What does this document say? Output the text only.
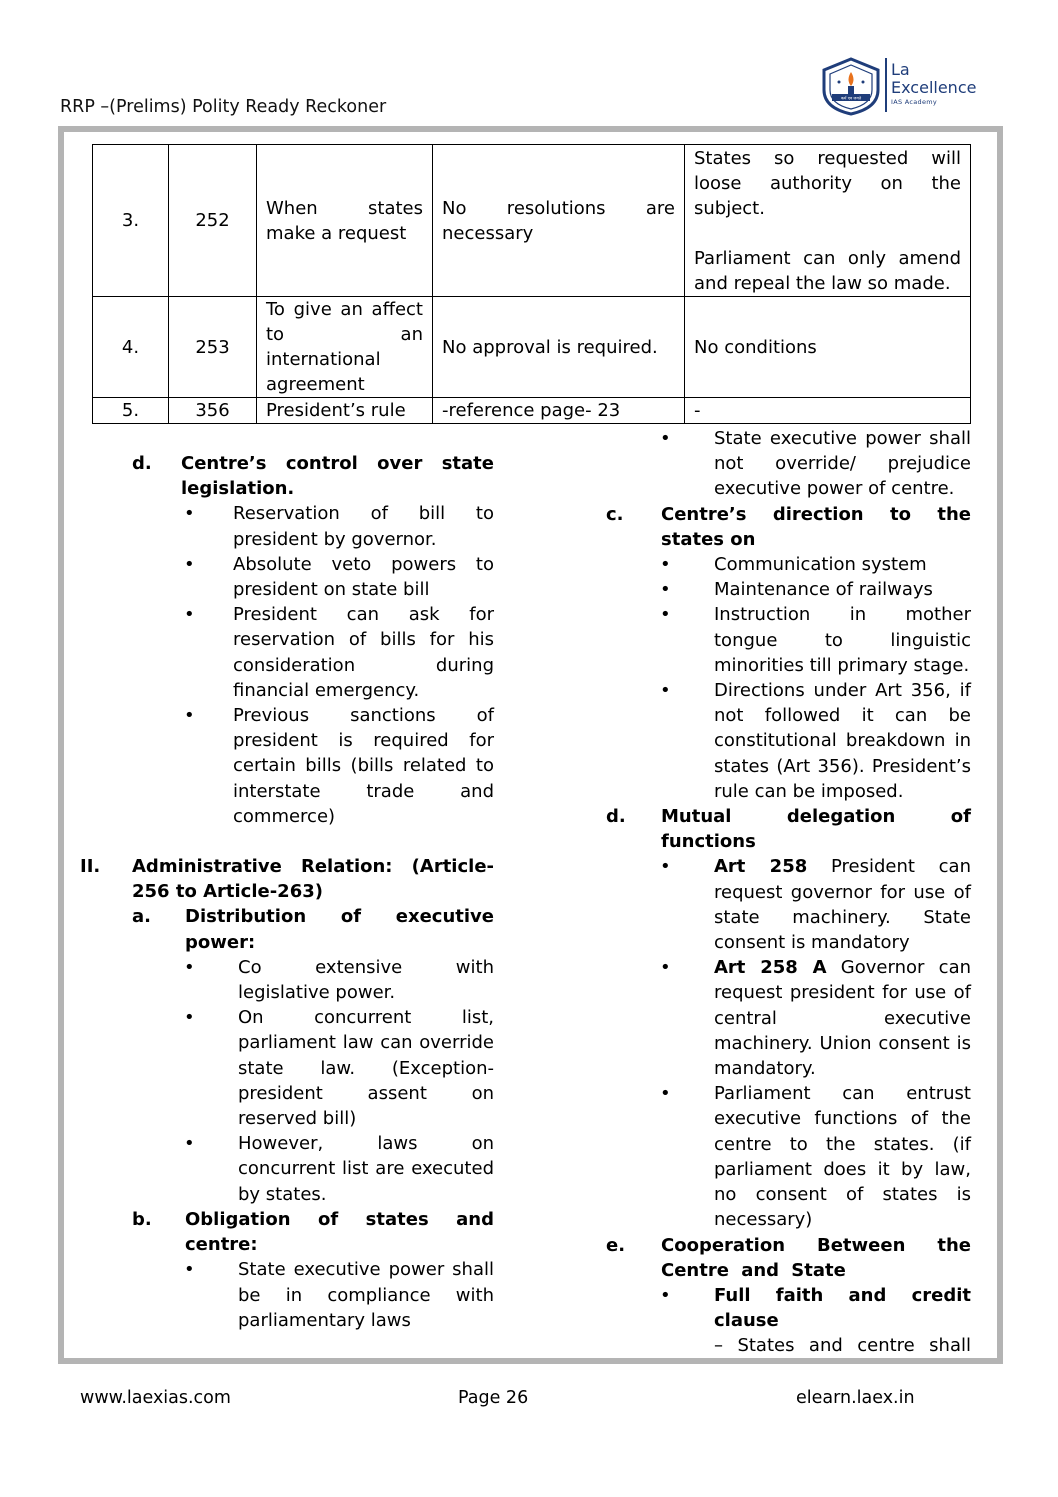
RRP –(Prelims) Polity Ready Reckoner	कर्म एव जयते
La
Excellence
IAS Academy
3.	252	When states make a request	No resolutions are necessary	States so requested will loose authority on the subject.
Parliament can only amend and repeal the law so made.

4.	253	To give an affect to an international agreement	No approval is required.	No conditions
5.	356	President’s rule	-reference page- 23	-
d. Centre’s control over state legislation.
• Reservation of bill to president by governor.
• Absolute veto powers to president on state bill
• President can ask for reservation of bills for his consideration during financial emergency.
• Previous sanctions of president is required for certain bills (bills related to interstate trade and commerce)
II. Administrative Relation: (Article-256 to Article-263)
a. Distribution of executive power:
• Co extensive with legislative power.
• On concurrent list, parliament law can override state law. (Exception- president assent on reserved bill)
• However, laws on concurrent list are executed by states.
b. Obligation of states and centre:
• State executive power shall be in compliance with parliamentary laws
• State executive power shall not override/ prejudice executive power of centre.
c. Centre’s direction to the states on
• Communication system
• Maintenance of railways
• Instruction in mother tongue to linguistic minorities till primary stage.
• Directions under Art 356, if not followed it can be constitutional breakdown in states (Art 356). President’s rule can be imposed.
d. Mutual delegation of functions
• Art 258 President can request governor for use of state machinery. State consent is mandatory
• Art 258 A Governor can request president for use of central executive machinery. Union consent is mandatory.
• Parliament can entrust executive functions of the centre to the states. (if parliament does it by law, no consent of states is necessary)
e. Cooperation Between the Centre and State
• Full faith and credit clause
– States and centre shall
www.laexias.com	Page 26	elearn.laex.in
